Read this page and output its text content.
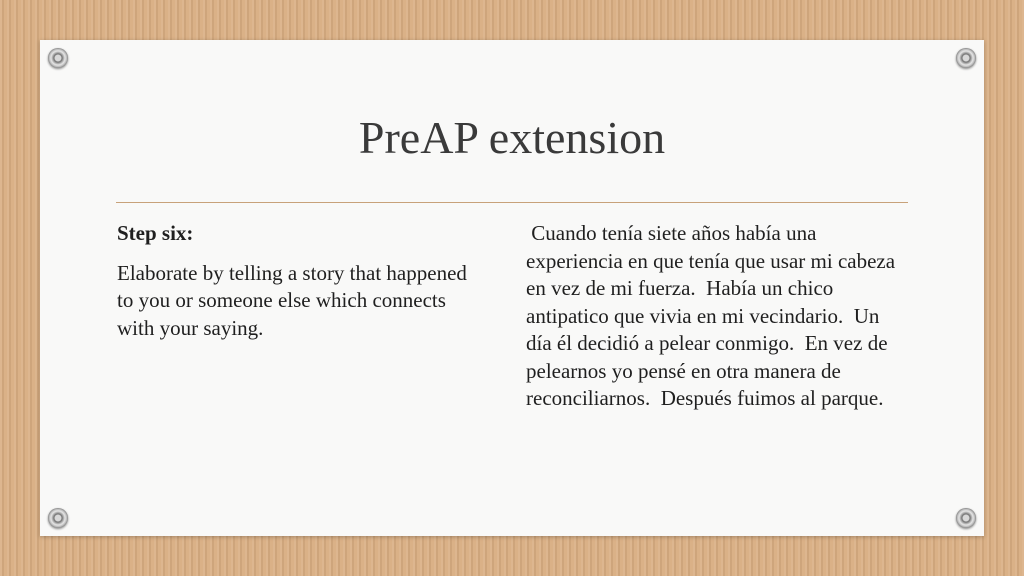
PreAP extension

Step six:

Elaborate by telling a story that happened to you or someone else which connects with your saying.

Cuando tenía siete años había una experiencia en que tenía que usar mi cabeza en vez de mi fuerza.  Había un chico antipatico que vivia en mi vecindario.  Un día él decidió a pelear conmigo.  En vez de pelearnos yo pensé en otra manera de reconciliarnos.  Después fuimos al parque.
